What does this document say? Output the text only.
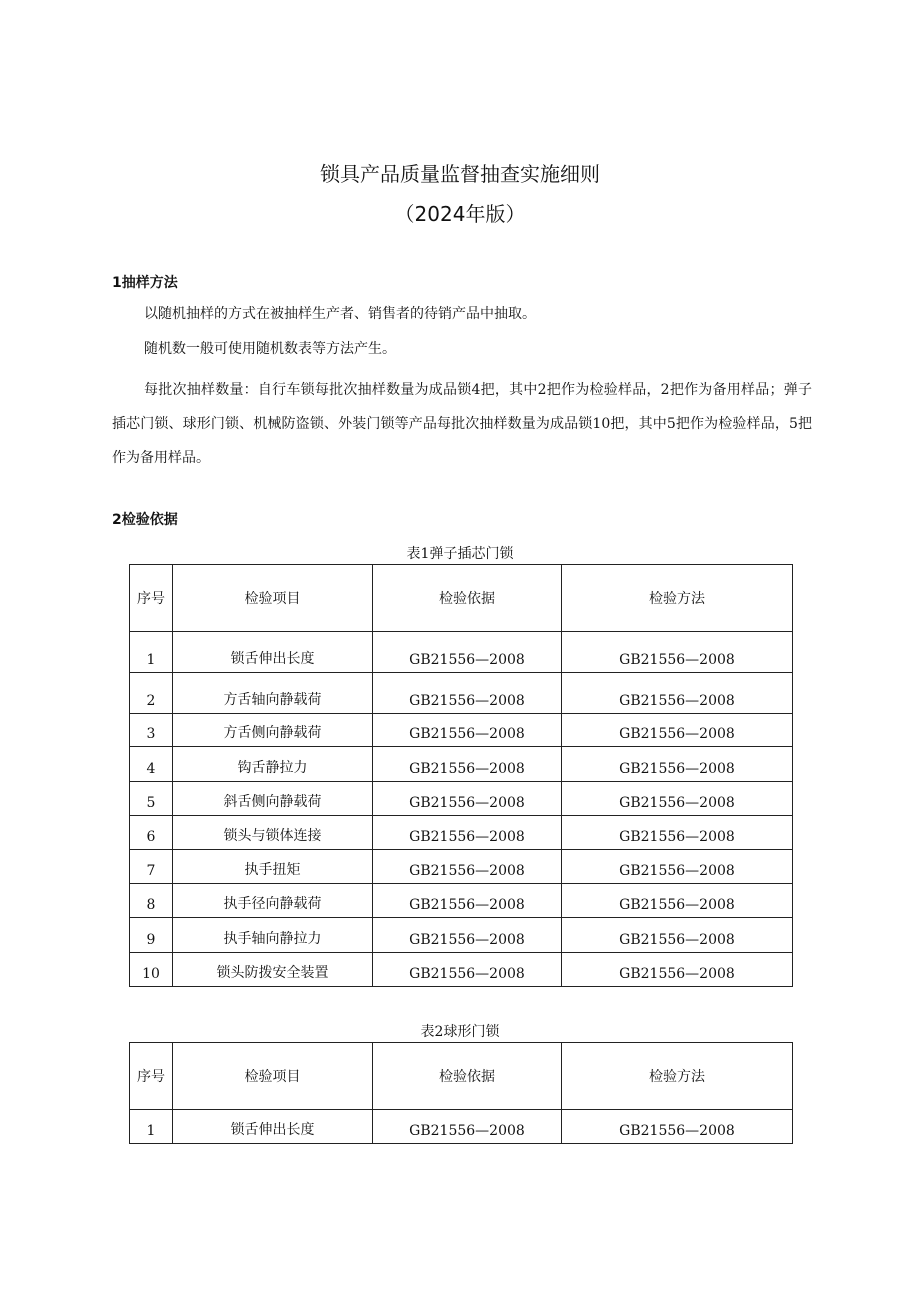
锁具产品质量监督抽查实施细则
（2024年版）
1抽样方法
以随机抽样的方式在被抽样生产者、销售者的待销产品中抽取。
随机数一般可使用随机数表等方法产生。
每批次抽样数量：自行车锁每批次抽样数量为成品锁4把，其中2把作为检验样品，2把作为备用样品；弹子插芯门锁、球形门锁、机械防盗锁、外装门锁等产品每批次抽样数量为成品锁10把，其中5把作为检验样品，5把作为备用样品。
2检验依据
表1弹子插芯门锁
序号	检验项目	检验依据	检验方法
1	锁舌伸出长度	GB21556—2008	GB21556—2008
2	方舌轴向静载荷	GB21556—2008	GB21556—2008
3	方舌侧向静载荷	GB21556—2008	GB21556—2008
4	钩舌静拉力	GB21556—2008	GB21556—2008
5	斜舌侧向静载荷	GB21556—2008	GB21556—2008
6	锁头与锁体连接	GB21556—2008	GB21556—2008
7	执手扭矩	GB21556—2008	GB21556—2008
8	执手径向静载荷	GB21556—2008	GB21556—2008
9	执手轴向静拉力	GB21556—2008	GB21556—2008
10	锁头防拨安全装置	GB21556—2008	GB21556—2008
表2球形门锁
序号	检验项目	检验依据	检验方法
1	锁舌伸出长度	GB21556—2008	GB21556—2008
